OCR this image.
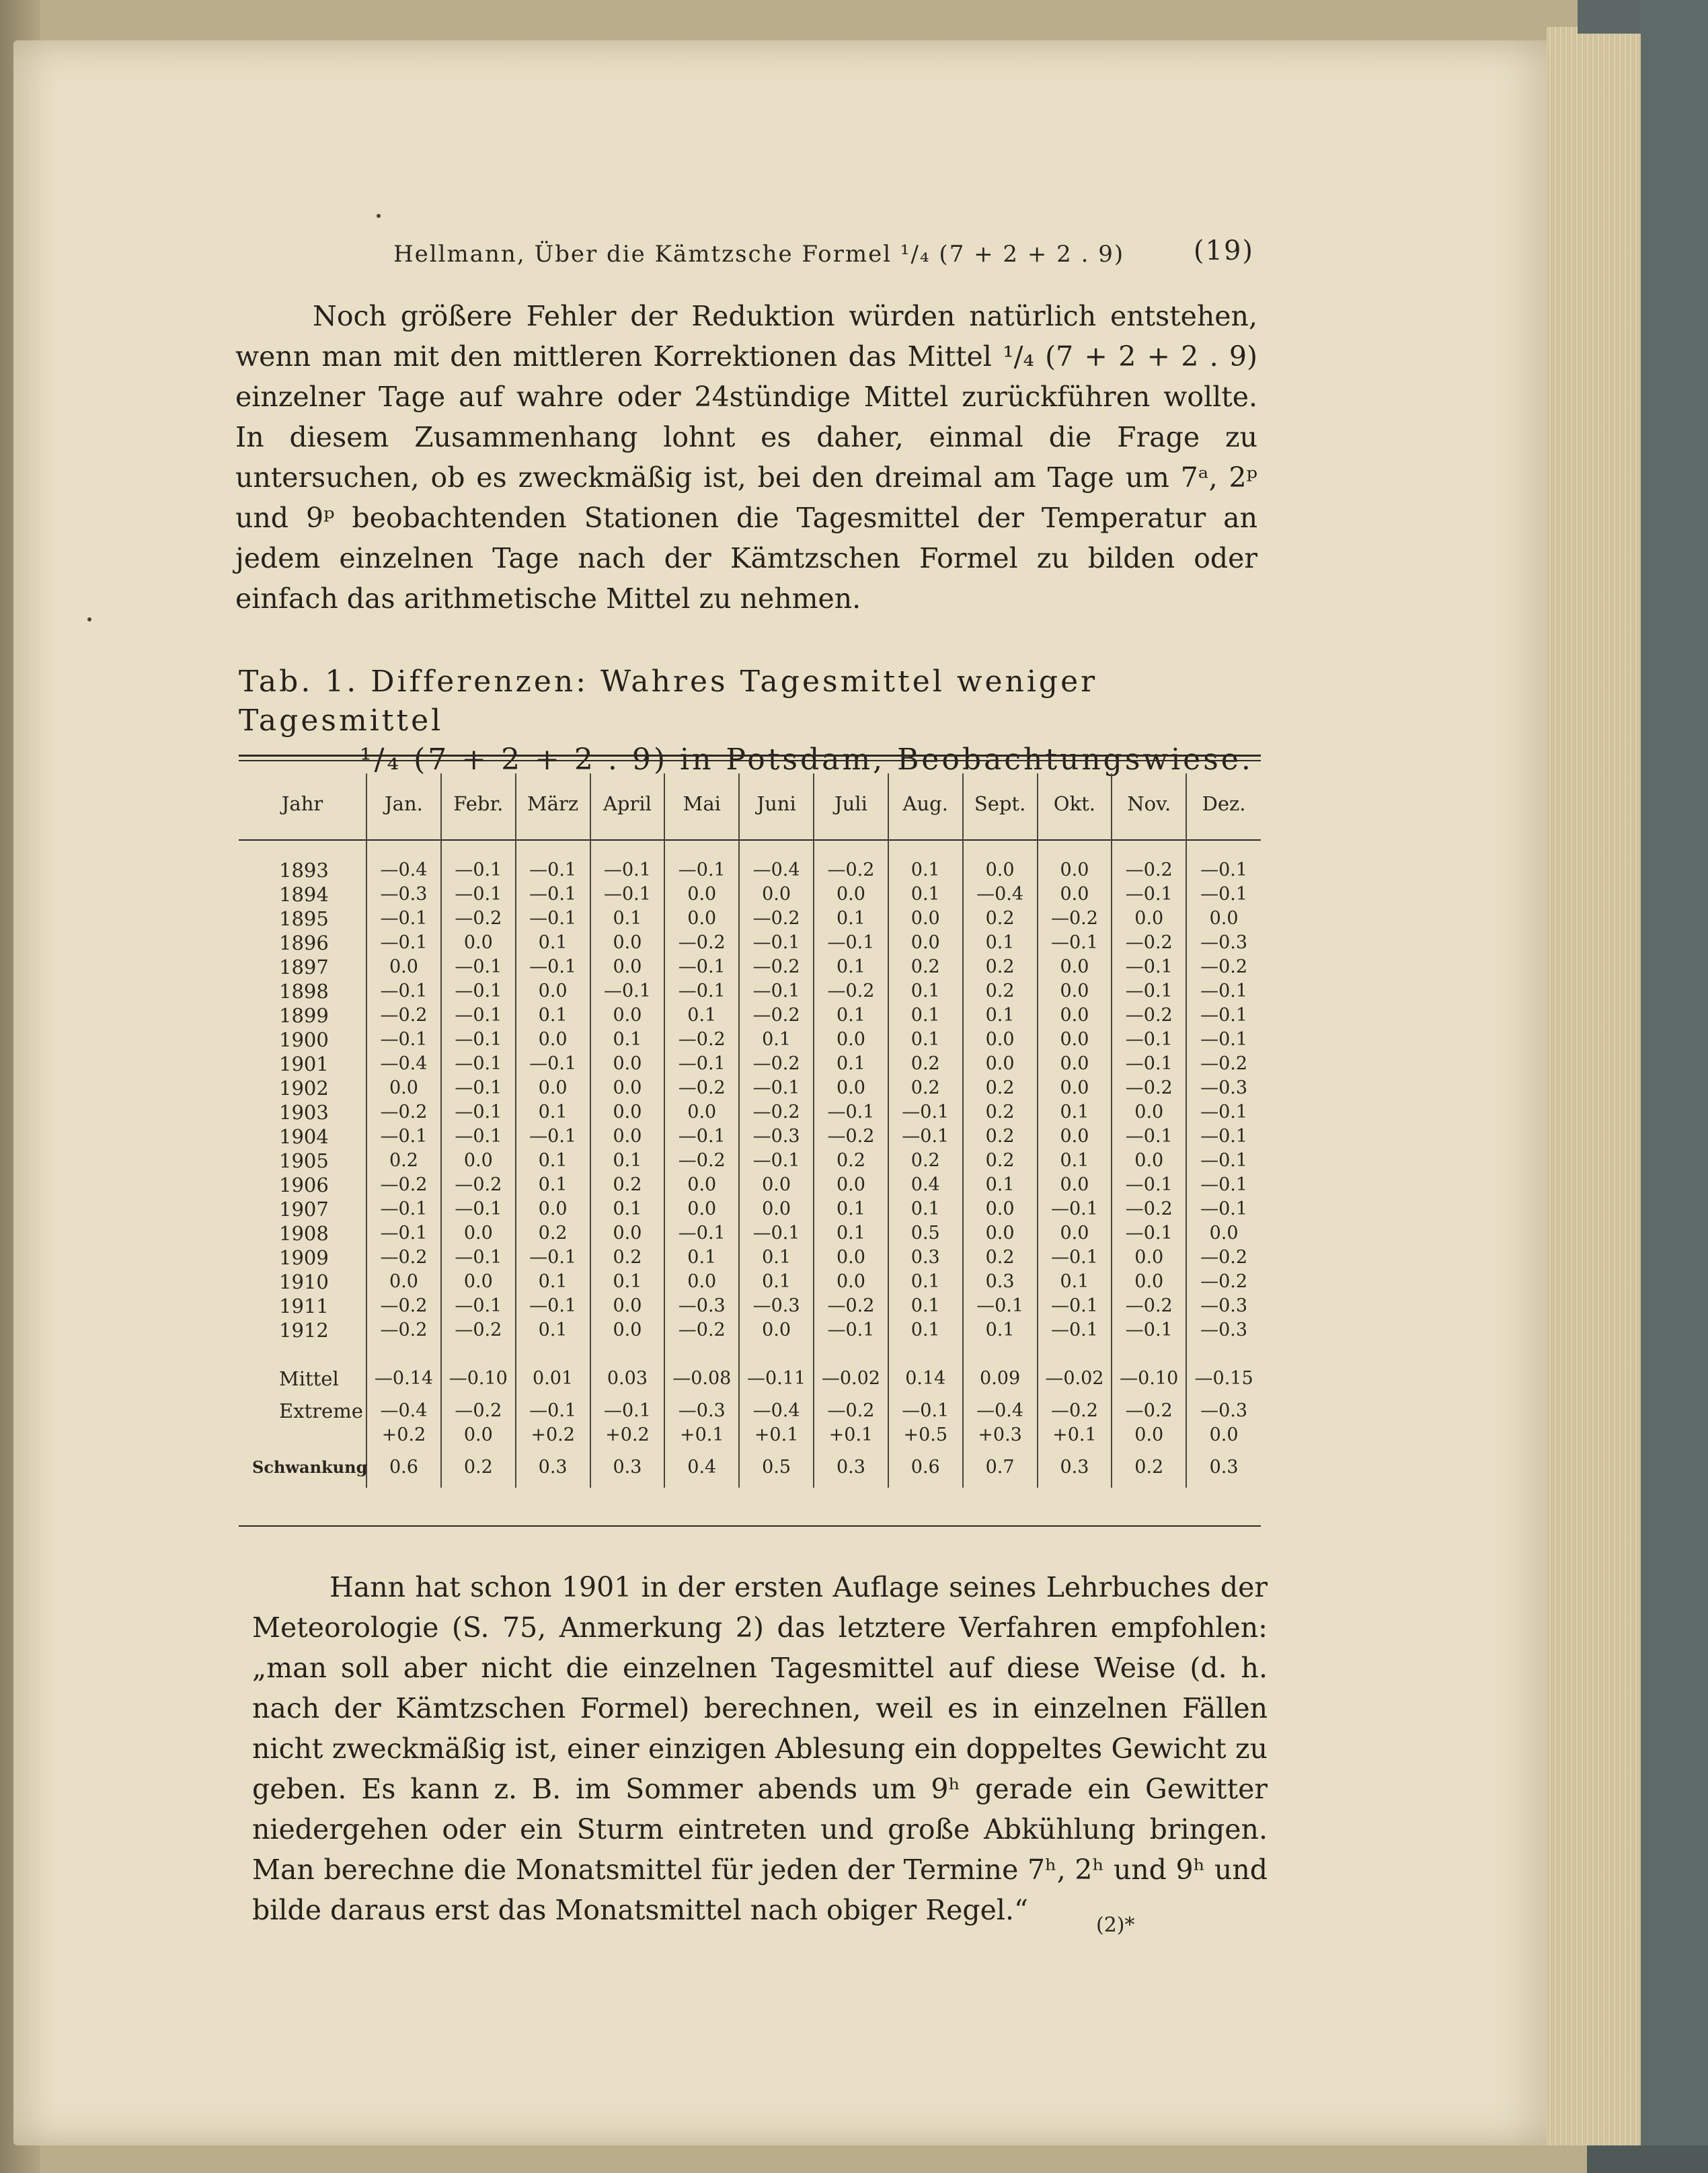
Hellmann, Über die Kämtzsche Formel ¹/₄ (7 + 2 + 2 . 9)	(19)
Noch größere Fehler der Reduktion würden natürlich entstehen, wenn man mit den mittleren Korrektionen das Mittel ¹/₄ (7 + 2 + 2 . 9) einzelner Tage auf wahre oder 24stündige Mittel zurückführen wollte. In diesem Zusammenhang lohnt es daher, einmal die Frage zu untersuchen, ob es zweckmäßig ist, bei den dreimal am Tage um 7ᵃ, 2ᵖ und 9ᵖ beobachtenden Stationen die Tagesmittel der Temperatur an jedem einzelnen Tage nach der Kämtzschen Formel zu bilden oder einfach das arithmetische Mittel zu nehmen.
Tab. 1. Differenzen: Wahres Tagesmittel weniger Tagesmittel
Jahr	Jan.	Febr.	März	April	Mai	Juni	Juli	Aug.	Sept.	Okt.	Nov.	Dez.

1893	—0.4	—0.1	—0.1	—0.1	—0.1	—0.4	—0.2	0.1	0.0	0.0	—0.2	—0.1
1894	—0.3	—0.1	—0.1	—0.1	0.0	0.0	0.0	0.1	—0.4	0.0	—0.1	—0.1
1895	—0.1	—0.2	—0.1	0.1	0.0	—0.2	0.1	0.0	0.2	—0.2	0.0	0.0
1896	—0.1	0.0	0.1	0.0	—0.2	—0.1	—0.1	0.0	0.1	—0.1	—0.2	—0.3
1897	0.0	—0.1	—0.1	0.0	—0.1	—0.2	0.1	0.2	0.2	0.0	—0.1	—0.2
1898	—0.1	—0.1	0.0	—0.1	—0.1	—0.1	—0.2	0.1	0.2	0.0	—0.1	—0.1
1899	—0.2	—0.1	0.1	0.0	0.1	—0.2	0.1	0.1	0.1	0.0	—0.2	—0.1
1900	—0.1	—0.1	0.0	0.1	—0.2	0.1	0.0	0.1	0.0	0.0	—0.1	—0.1
1901	—0.4	—0.1	—0.1	0.0	—0.1	—0.2	0.1	0.2	0.0	0.0	—0.1	—0.2
1902	0.0	—0.1	0.0	0.0	—0.2	—0.1	0.0	0.2	0.2	0.0	—0.2	—0.3
1903	—0.2	—0.1	0.1	0.0	0.0	—0.2	—0.1	—0.1	0.2	0.1	0.0	—0.1
1904	—0.1	—0.1	—0.1	0.0	—0.1	—0.3	—0.2	—0.1	0.2	0.0	—0.1	—0.1
1905	0.2	0.0	0.1	0.1	—0.2	—0.1	0.2	0.2	0.2	0.1	0.0	—0.1
1906	—0.2	—0.2	0.1	0.2	0.0	0.0	0.0	0.4	0.1	0.0	—0.1	—0.1
1907	—0.1	—0.1	0.0	0.1	0.0	0.0	0.1	0.1	0.0	—0.1	—0.2	—0.1
1908	—0.1	0.0	0.2	0.0	—0.1	—0.1	0.1	0.5	0.0	0.0	—0.1	0.0
1909	—0.2	—0.1	—0.1	0.2	0.1	0.1	0.0	0.3	0.2	—0.1	0.0	—0.2
1910	0.0	0.0	0.1	0.1	0.0	0.1	0.0	0.1	0.3	0.1	0.0	—0.2
1911	—0.2	—0.1	—0.1	0.0	—0.3	—0.3	—0.2	0.1	—0.1	—0.1	—0.2	—0.3
1912	—0.2	—0.2	0.1	0.0	—0.2	0.0	—0.1	0.1	0.1	—0.1	—0.1	—0.3

Mittel	—0.14	—0.10	0.01	0.03	—0.08	—0.11	—0.02	0.14	0.09	—0.02	—0.10	—0.15
Extreme	—0.4	—0.2	—0.1	—0.1	—0.3	—0.4	—0.2	—0.1	—0.4	—0.2	—0.2	—0.3
	+0.2	0.0	+0.2	+0.2	+0.1	+0.1	+0.1	+0.5	+0.3	+0.1	0.0	0.0
Schwankung	0.6	0.2	0.3	0.3	0.4	0.5	0.3	0.6	0.7	0.3	0.2	0.3
Hann hat schon 1901 in der ersten Auflage seines Lehrbuches der Meteorologie (S. 75, Anmerkung 2) das letztere Verfahren empfohlen: „man soll aber nicht die einzelnen Tagesmittel auf diese Weise (d. h. nach der Kämtzschen Formel) berechnen, weil es in einzelnen Fällen nicht zweckmäßig ist, einer einzigen Ablesung ein doppeltes Gewicht zu geben. Es kann z. B. im Sommer abends um 9ʰ gerade ein Gewitter niedergehen oder ein Sturm eintreten und große Abkühlung bringen. Man berechne die Monatsmittel für jeden der Termine 7ʰ, 2ʰ und 9ʰ und bilde daraus erst das Monatsmittel nach obiger Regel.“	(2)*
